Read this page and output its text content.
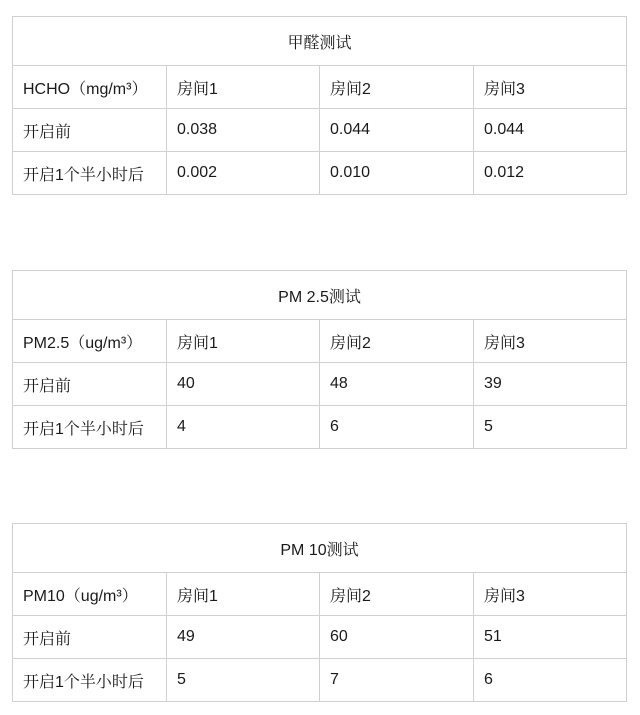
甲醛测试			
HCHO（mg/m³）	房间1	房间2	房间3
开启前	0.038	0.044	0.044
开启1个半小时后	0.002	0.010	0.012
PM 2.5测试			
PM2.5（ug/m³）	房间1	房间2	房间3
开启前	40	48	39
开启1个半小时后	4	6	5
PM 10测试			
PM10（ug/m³）	房间1	房间2	房间3
开启前	49	60	51
开启1个半小时后	5	7	6
